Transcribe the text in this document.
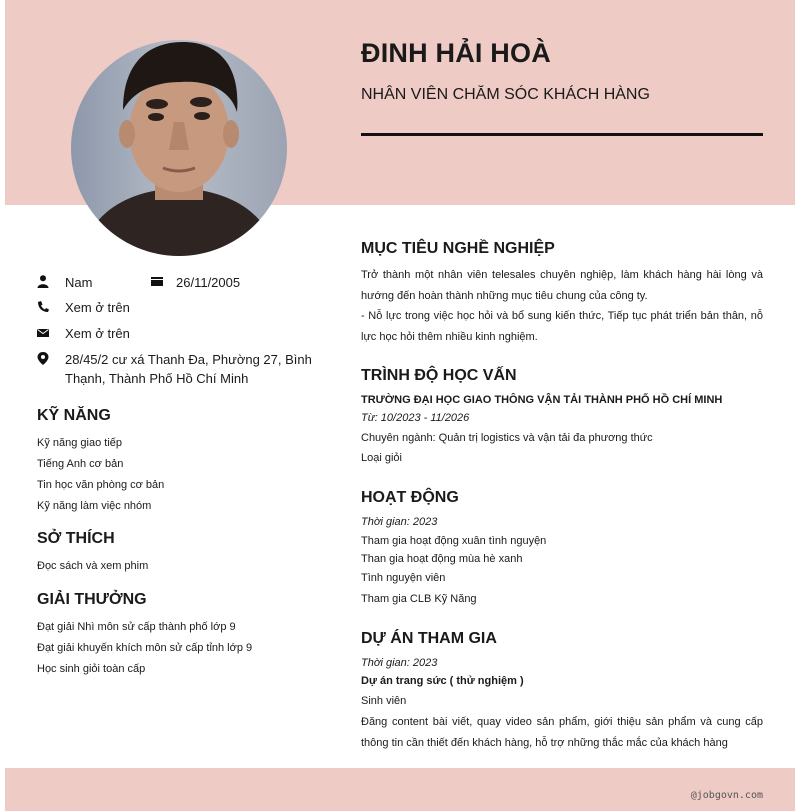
ĐINH HẢI HOÀ

NHÂN VIÊN CHĂM SÓC KHÁCH HÀNG

Nam	26/11/2005
Xem ở trên
Xem ở trên
28/45/2 cư xá Thanh Đa, Phường 27, Bình
Thạnh, Thành Phố Hồ Chí Minh
KỸ NĂNG
Kỹ năng giao tiếp
Tiếng Anh cơ bản
Tin học văn phòng cơ bản
Kỹ năng làm việc nhóm
SỞ THÍCH
Đọc sách và xem phim
GIẢI THƯỞNG
Đạt giải Nhì môn sử cấp thành phố lớp 9
Đạt giải khuyến khích môn sử cấp tỉnh lớp 9
Học sinh giỏi toàn cấp
MỤC TIÊU NGHỀ NGHIỆP

Trở thành một nhân viên telesales chuyên nghiệp, làm khách hàng hài lòng và hướng đến hoàn thành những mục tiêu chung của công ty.

- Nỗ lực trong việc học hỏi và bổ sung kiến thức, Tiếp tục phát triển bản thân, nỗ lực học hỏi thêm nhiều kinh nghiệm.

TRÌNH ĐỘ HỌC VẤN

TRƯỜNG ĐẠI HỌC GIAO THÔNG VẬN TẢI THÀNH PHỐ HỒ CHÍ MINH

Từ: 10/2023 - 11/2026

Chuyên ngành: Quản trị logistics và vận tải đa phương thức

Loại giỏi

HOẠT ĐỘNG

Thời gian: 2023

Tham gia hoạt động xuân tình nguyện

Than gia hoạt động mùa hè xanh

Tình nguyện viên

Tham gia CLB Kỹ Năng

DỰ ÁN THAM GIA

Thời gian: 2023

Dự án trang sức ( thử nghiệm )

Sinh viên

Đăng content bài viết, quay video sản phẩm, giới thiệu sản phẩm và cung cấp thông tin cần thiết đến khách hàng, hỗ trợ những thắc mắc của khách hàng

@jobgovn.com
